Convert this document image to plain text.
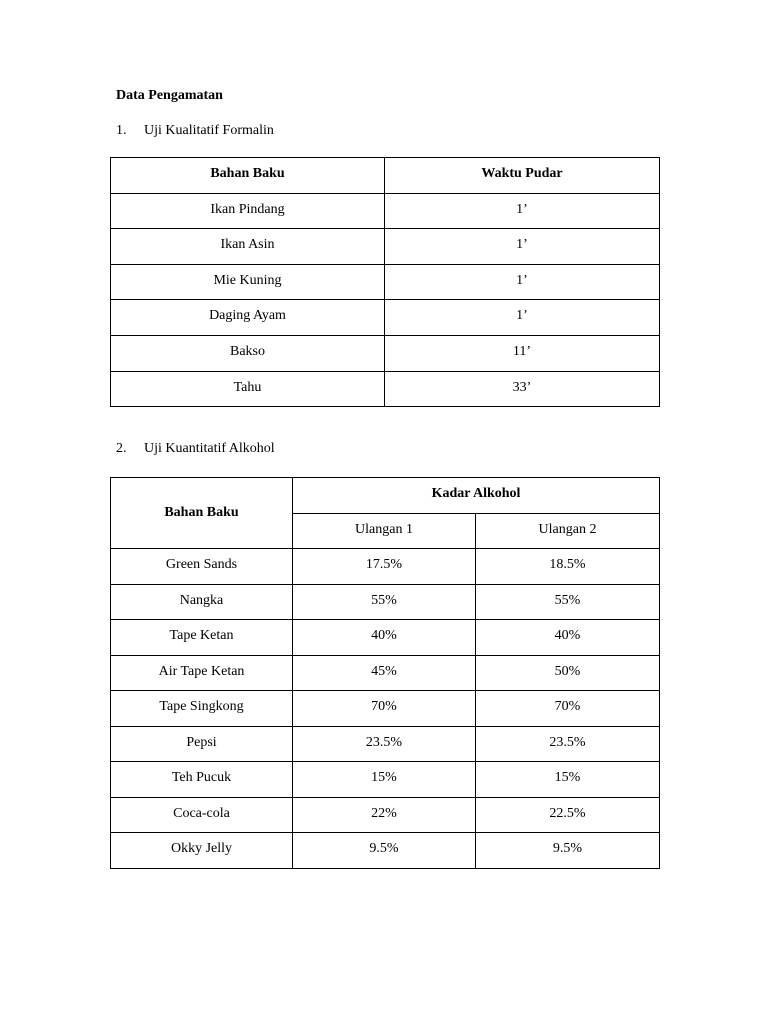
Data Pengamatan
1. Uji Kualitatif Formalin
Bahan Baku	Waktu Pudar
Ikan Pindang	1’
Ikan Asin	1’
Mie Kuning	1’
Daging Ayam	1’
Bakso	11’
Tahu	33’
2. Uji Kuantitatif Alkohol
Bahan Baku	Kadar Alkohol	
	Ulangan 1	Ulangan 2
Green Sands	17.5%	18.5%
Nangka	55%	55%
Tape Ketan	40%	40%
Air Tape Ketan	45%	50%
Tape Singkong	70%	70%
Pepsi	23.5%	23.5%
Teh Pucuk	15%	15%
Coca-cola	22%	22.5%
Okky Jelly	9.5%	9.5%
